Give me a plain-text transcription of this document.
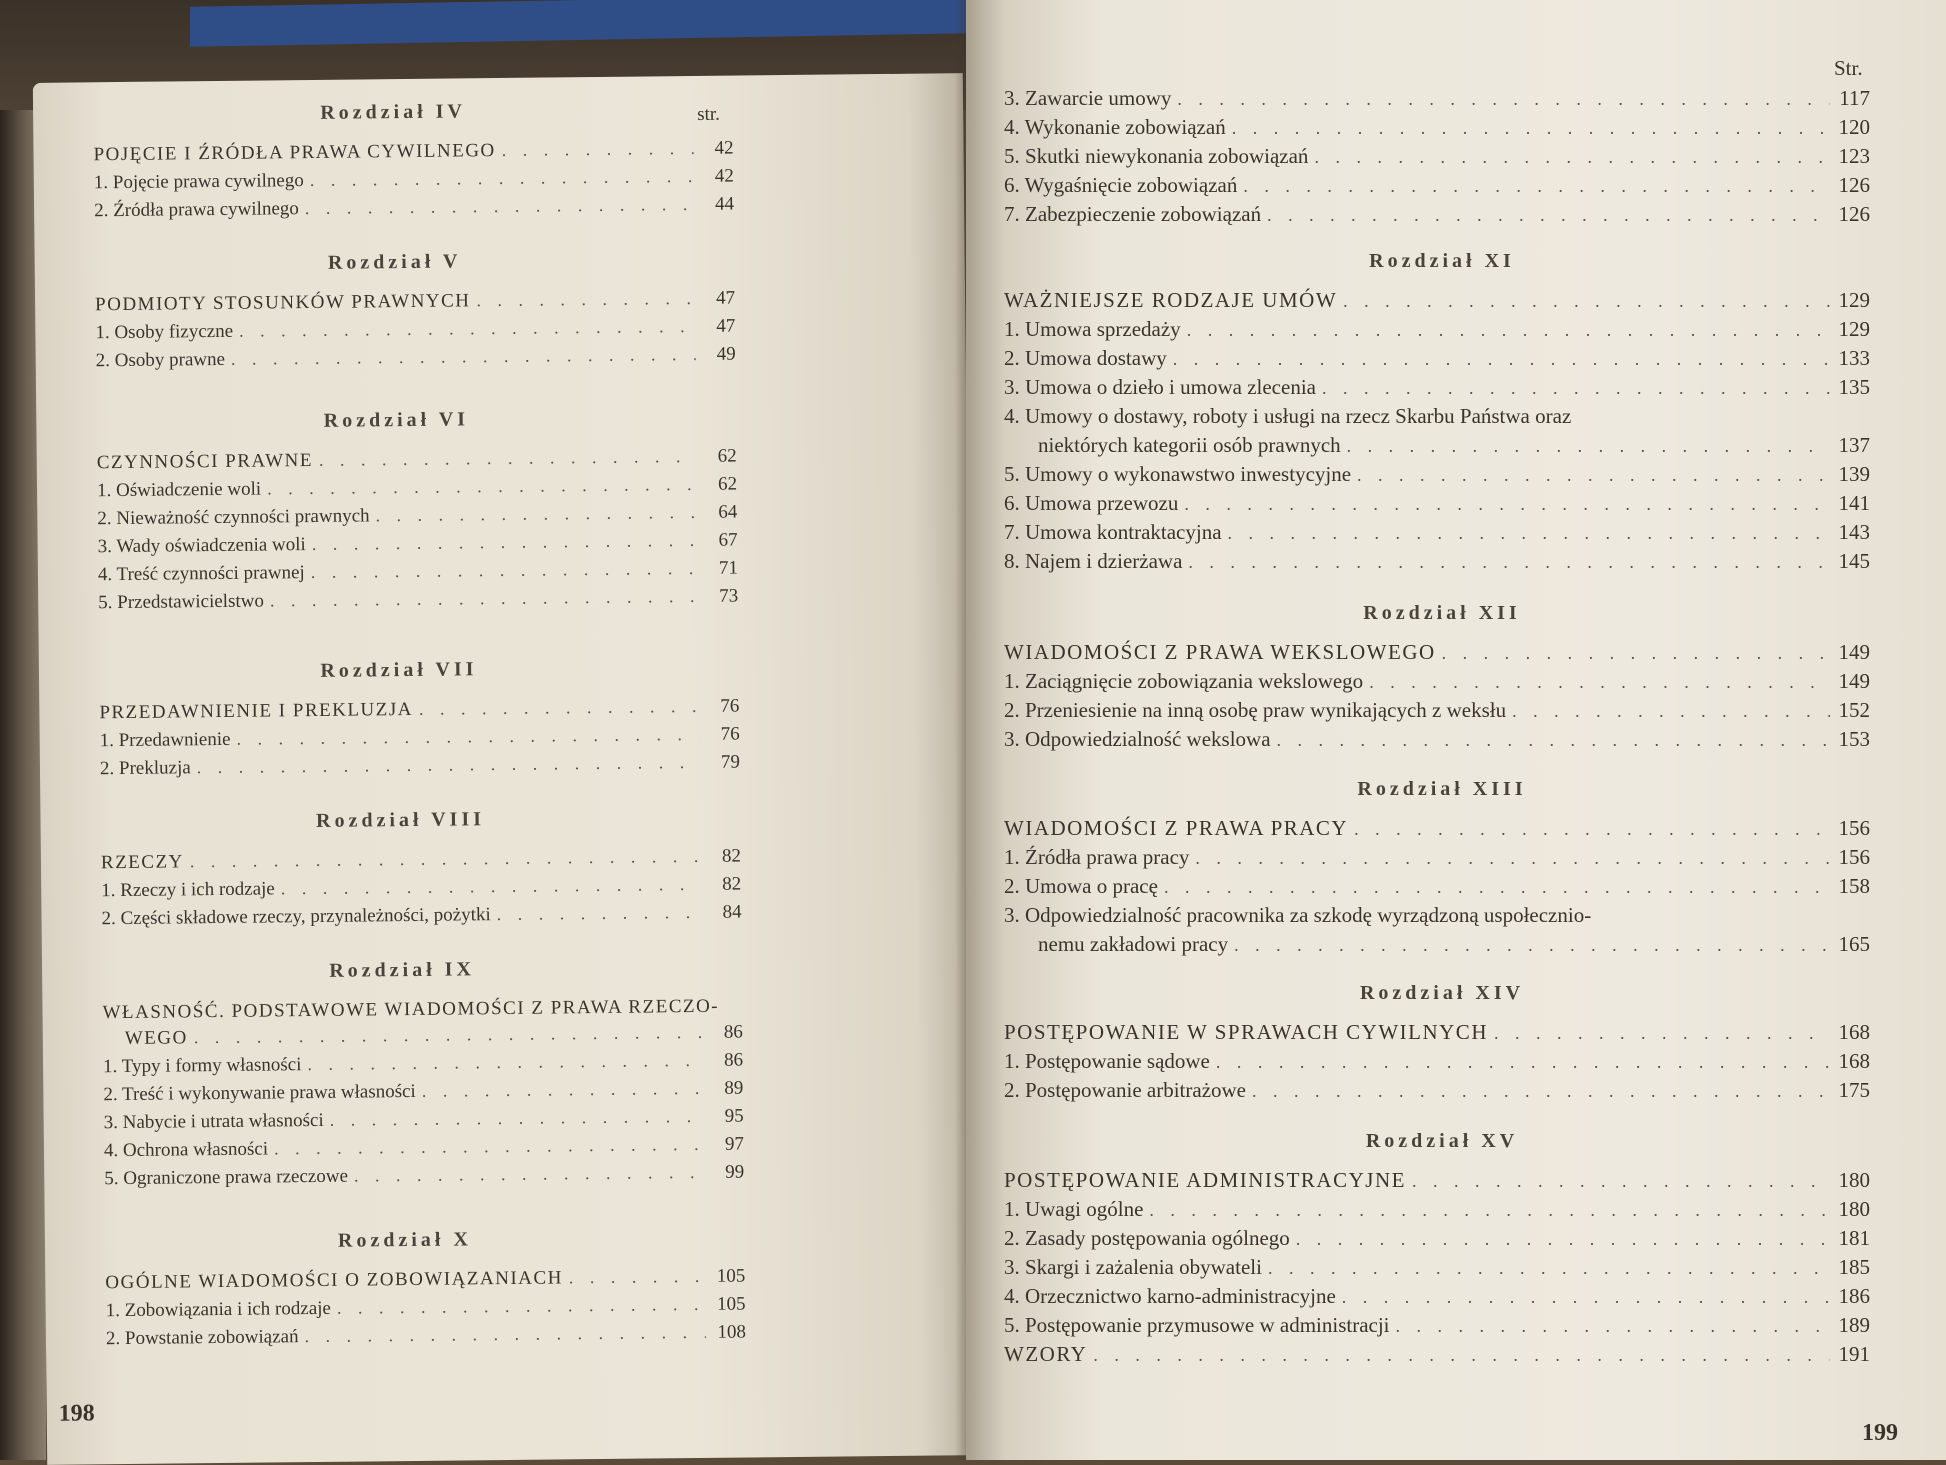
str.
Rozdział IV
POJĘCIE I ŹRÓDŁA PRAWA CYWILNEGO . . .	42
1. Pojęcie prawa cywilnego . . .	42
2. Źródła prawa cywilnego . . .	44
Rozdział V
PODMIOTY STOSUNKÓW PRAWNYCH . . .	47
1. Osoby fizyczne . . .	47
2. Osoby prawne . . .	49
Rozdział VI
CZYNNOŚCI PRAWNE . . .	62
1. Oświadczenie woli . . .	62
2. Nieważność czynności prawnych . . .	64
3. Wady oświadczenia woli . . .	67
4. Treść czynności prawnej . . .	71
5. Przedstawicielstwo . . .	73
Rozdział VII
PRZEDAWNIENIE I PREKLUZJA . . .	76
1. Przedawnienie . . .	76
2. Prekluzja . . .	79
Rozdział VIII
RZECZY . . .	82
1. Rzeczy i ich rodzaje . . .	82
2. Części składowe rzeczy, przynależności, pożytki . . .	84
Rozdział IX
WŁASNOŚĆ. PODSTAWOWE WIADOMOŚCI Z PRAWA RZECZO-
WEGO . . .	86
1. Typy i formy własności . . .	86
2. Treść i wykonywanie prawa własności . . .	89
3. Nabycie i utrata własności . . .	95
4. Ochrona własności . . .	97
5. Ograniczone prawa rzeczowe . . .	99
Rozdział X
OGÓLNE WIADOMOŚCI O ZOBOWIĄZANIACH . . .	105
1. Zobowiązania i ich rodzaje . . .	105
2. Powstanie zobowiązań . . .	108
198
Str.
3. Zawarcie umowy . . .	117
4. Wykonanie zobowiązań . . .	120
5. Skutki niewykonania zobowiązań . . .	123
6. Wygaśnięcie zobowiązań . . .	126
7. Zabezpieczenie zobowiązań . . .	126
Rozdział XI
WAŻNIEJSZE RODZAJE UMÓW . . .	129
1. Umowa sprzedaży . . .	129
2. Umowa dostawy . . .	133
3. Umowa o dzieło i umowa zlecenia . . .	135
4. Umowy o dostawy, roboty i usługi na rzecz Skarbu Państwa oraz
niektórych kategorii osób prawnych . . .	137
5. Umowy o wykonawstwo inwestycyjne . . .	139
6. Umowa przewozu . . .	141
7. Umowa kontraktacyjna . . .	143
8. Najem i dzierżawa . . .	145
Rozdział XII
WIADOMOŚCI Z PRAWA WEKSLOWEGO . . .	149
1. Zaciągnięcie zobowiązania wekslowego . . .	149
2. Przeniesienie na inną osobę praw wynikających z weksłu . . .	152
3. Odpowiedzialność wekslowa . . .	153
Rozdział XIII
WIADOMOŚCI Z PRAWA PRACY . . .	156
1. Źródła prawa pracy . . .	156
2. Umowa o pracę . . .	158
3. Odpowiedzialność pracownika za szkodę wyrządzoną uspołecznio-
nemu zakładowi pracy . . .	165
Rozdział XIV
POSTĘPOWANIE W SPRAWACH CYWILNYCH . . .	168
1. Postępowanie sądowe . . .	168
2. Postępowanie arbitrażowe . . .	175
Rozdział XV
POSTĘPOWANIE ADMINISTRACYJNE . . .	180
1. Uwagi ogólne . . .	180
2. Zasady postępowania ogólnego . . .	181
3. Skargi i zażalenia obywateli . . .	185
4. Orzecznictwo karno-administracyjne . . .	186
5. Postępowanie przymusowe w administracji . . .	189
WZORY . . .	191
199
